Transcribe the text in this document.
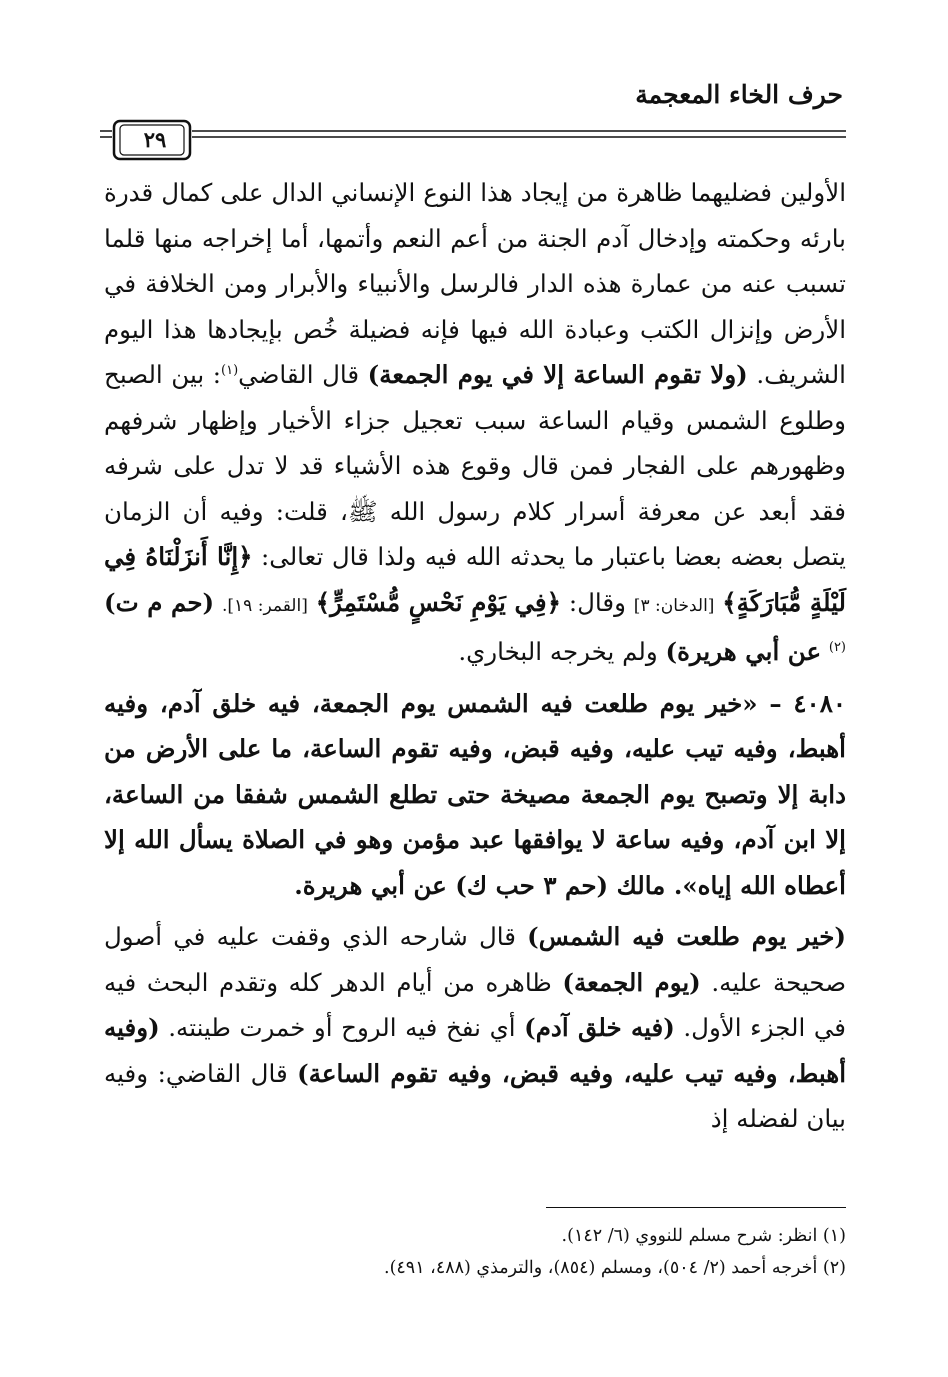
حرف الخاء المعجمة
٢٩

الأولين فضليهما ظاهرة من إيجاد هذا النوع الإنساني الدال على كمال قدرة بارئه وحكمته وإدخال آدم الجنة من أعم النعم وأتمها، أما إخراجه منها قلما تسبب عنه من عمارة هذه الدار فالرسل والأنبياء والأبرار ومن الخلافة في الأرض وإنزال الكتب وعبادة الله فيها فإنه فضيلة خُص بإيجادها هذا اليوم الشريف. (ولا تقوم الساعة إلا في يوم الجمعة) قال القاضي$^{(١)}$: بين الصبح وطلوع الشمس وقيام الساعة سبب تعجيل جزاء الأخيار وإظهار شرفهم وظهورهم على الفجار فمن قال وقوع هذه الأشياء قد لا تدل على شرفه فقد أبعد عن معرفة أسرار كلام رسول الله ﷺ، قلت: وفيه أن الزمان يتصل بعضه بعضا باعتبار ما يحدثه الله فيه ولذا قال تعالى: ﴿إِنَّا أَنزَلْنَاهُ فِي لَيْلَةٍ مُّبَارَكَةٍ﴾ [الدخان: ٣] وقال: ﴿فِي يَوْمِ نَحْسٍ مُّسْتَمِرٍّ﴾ [القمر: ١٩]. (حم م ت)$^{(٢)}$ عن أبي هريرة) ولم يخرجه البخاري.

٤٠٨٠ – «خير يوم طلعت فيه الشمس يوم الجمعة، فيه خلق آدم، وفيه أهبط، وفيه تيب عليه، وفيه قبض، وفيه تقوم الساعة، ما على الأرض من دابة إلا وتصبح يوم الجمعة مصيخة حتى تطلع الشمس شفقا من الساعة، إلا ابن آدم، وفيه ساعة لا يوافقها عبد مؤمن وهو في الصلاة يسأل الله إلا أعطاه الله إياه». مالك (حم ٣ حب ك) عن أبي هريرة.

(خير يوم طلعت فيه الشمس) قال شارحه الذي وقفت عليه في أصول صحيحة عليه. (يوم الجمعة) ظاهره من أيام الدهر كله وتقدم البحث فيه في الجزء الأول. (فيه خلق آدم) أي نفخ فيه الروح أو خمرت طينته. (وفيه أهبط، وفيه تيب عليه، وفيه قبض، وفيه تقوم الساعة) قال القاضي: وفيه بيان لفضله إذ

(١) انظر: شرح مسلم للنووي (٦/ ١٤٢).

(٢) أخرجه أحمد (٢/ ٥٠٤)، ومسلم (٨٥٤)، والترمذي (٤٨٨، ٤٩١).
